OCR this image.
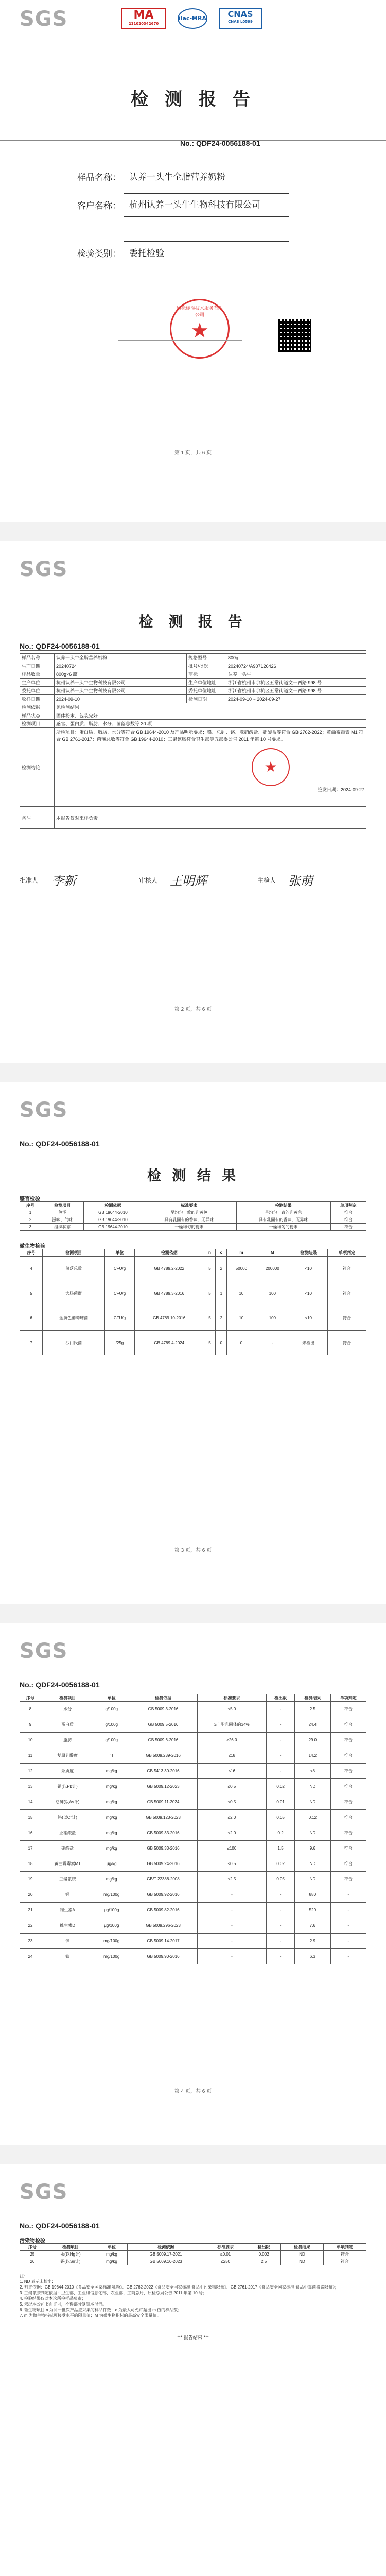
SGS	MA
211020342670
ilac-MRA	CNAS
CNAS L0599
检 测 报 告
No.: QDF24-0056188-01
样品名称： 认养一头牛全脂营养奶粉
客户名称： 杭州认养一头牛生物科技有限公司
检验类别： 委托检验
通标标准技术服务有限公司
★
第 1 页，共 6 页
SGS
检 测 报 告
No.: QDF24-0056188-01
样品名称	认养一头牛全脂营养奶粉	规格型号	800g
生产日期	20240724	批号/批次	20240724/A907126426
样品数量	800g×6 罐	商标	认养一头牛
生产单位	杭州认养一头牛生物科技有限公司	生产单位地址	浙江省杭州市余杭区五常街道文一西路 998 号
委托单位	杭州认养一头牛生物科技有限公司	委托单位地址	浙江省杭州市余杭区五常街道文一西路 998 号
收样日期	2024-09-10	检测日期	2024-09-10 ~ 2024-09-27
检测依据	见检测结果		
样品状态	固体粉末，包装完好		
检测项目	感官、蛋白质、脂肪、水分、菌落总数等 30 项		
检测结论	所检项目：蛋白质、脂肪、水分等符合 GB 19644-2010 及产品明示要求；铅、总砷、铬、亚硝酸盐、硝酸盐等符合 GB 2762-2022；黄曲霉毒素 M1 符合 GB 2761-2017；菌落总数等符合 GB 19644-2010；三聚氰胺符合卫生部等五部委公告 2011 年第 10 号要求。
★
签发日期：2024-09-27		

备注	本报告仅对来样负责。		
批准人 李新	审核人 王明辉	主检人 张萌
第 2 页，共 6 页
SGS
No.: QDF24-0056188-01
检 测 结 果
感官检验
序号	检测项目	检测依据	标准要求	检测结果	单项判定
1	色泽	GB 19644-2010	呈均匀一致的乳黄色	呈均匀一致的乳黄色	符合
2	滋味、气味	GB 19644-2010	具有乳固有的香味，无异味	具有乳固有的香味，无异味	符合
3	组织状态	GB 19644-2010	干燥均匀的粉末	干燥均匀的粉末	符合
微生物检验
序号	检测项目	单位	检测依据	n	c	m	M	检测结果	单项判定
4	菌落总数	CFU/g	GB 4789.2-2022	5	2	50000	200000	<10	符合
5	大肠菌群	CFU/g	GB 4789.3-2016	5	1	10	100	<10	符合
6	金黄色葡萄球菌	CFU/g	GB 4789.10-2016	5	2	10	100	<10	符合
7	沙门氏菌	/25g	GB 4789.4-2024	5	0	0	-	未检出	符合
第 3 页，共 6 页
SGS
No.: QDF24-0056188-01
序号	检测项目	单位	检测依据	标准要求	检出限	检测结果	单项判定
8	水分	g/100g	GB 5009.3-2016	≤5.0	-	2.5	符合
9	蛋白质	g/100g	GB 5009.5-2016	≥非脂乳固体的34%	-	24.4	符合
10	脂肪	g/100g	GB 5009.6-2016	≥26.0	-	29.0	符合
11	复原乳酸度	°T	GB 5009.239-2016	≤18	-	14.2	符合
12	杂质度	mg/kg	GB 5413.30-2016	≤16	-	<8	符合
13	铅(以Pb计)	mg/kg	GB 5009.12-2023	≤0.5	0.02	ND	符合
14	总砷(以As计)	mg/kg	GB 5009.11-2024	≤0.5	0.01	ND	符合
15	铬(以Cr计)	mg/kg	GB 5009.123-2023	≤2.0	0.05	0.12	符合
16	亚硝酸盐	mg/kg	GB 5009.33-2016	≤2.0	0.2	ND	符合
17	硝酸盐	mg/kg	GB 5009.33-2016	≤100	1.5	9.6	符合
18	黄曲霉毒素M1	μg/kg	GB 5009.24-2016	≤0.5	0.02	ND	符合
19	三聚氰胺	mg/kg	GB/T 22388-2008	≤2.5	0.05	ND	符合
20	钙	mg/100g	GB 5009.92-2016	-	-	880	-
21	维生素A	μg/100g	GB 5009.82-2016	-	-	520	-
22	维生素D	μg/100g	GB 5009.296-2023	-	-	7.6	-
23	锌	mg/100g	GB 5009.14-2017	-	-	2.9	-
24	铁	mg/100g	GB 5009.90-2016	-	-	6.3	-
第 4 页，共 6 页
SGS
No.: QDF24-0056188-01
污染物检验
序号	检测项目	单位	检测依据	标准要求	检出限	检测结果	单项判定
25	汞(以Hg计)	mg/kg	GB 5009.17-2021	≤0.01	0.002	ND	符合
26	锡(以Sn计)	mg/kg	GB 5009.16-2023	≤250	2.5	ND	符合
注：
1. ND 表示未检出；
2. 判定依据：GB 19644-2010《食品安全国家标准 乳粉》、GB 2762-2022《食品安全国家标准 食品中污染物限量》、GB 2761-2017《食品安全国家标准 食品中真菌毒素限量》；
3. 三聚氰胺判定依据：卫生部、工业和信息化部、农业部、工商总局、质检总局公告 2011 年第 10 号；
4. 检验结果仅对本次所检样品负责；
5. 未经本公司书面许可，不得部分复制本报告。
6. 微生物项目 n 为同一批次产品应采集的样品件数；c 为最大可允许超出 m 值的样品数；
7. m 为微生物指标可接受水平的限量值；M 为微生物指标的最高安全限量值。
*** 报告结束 ***
